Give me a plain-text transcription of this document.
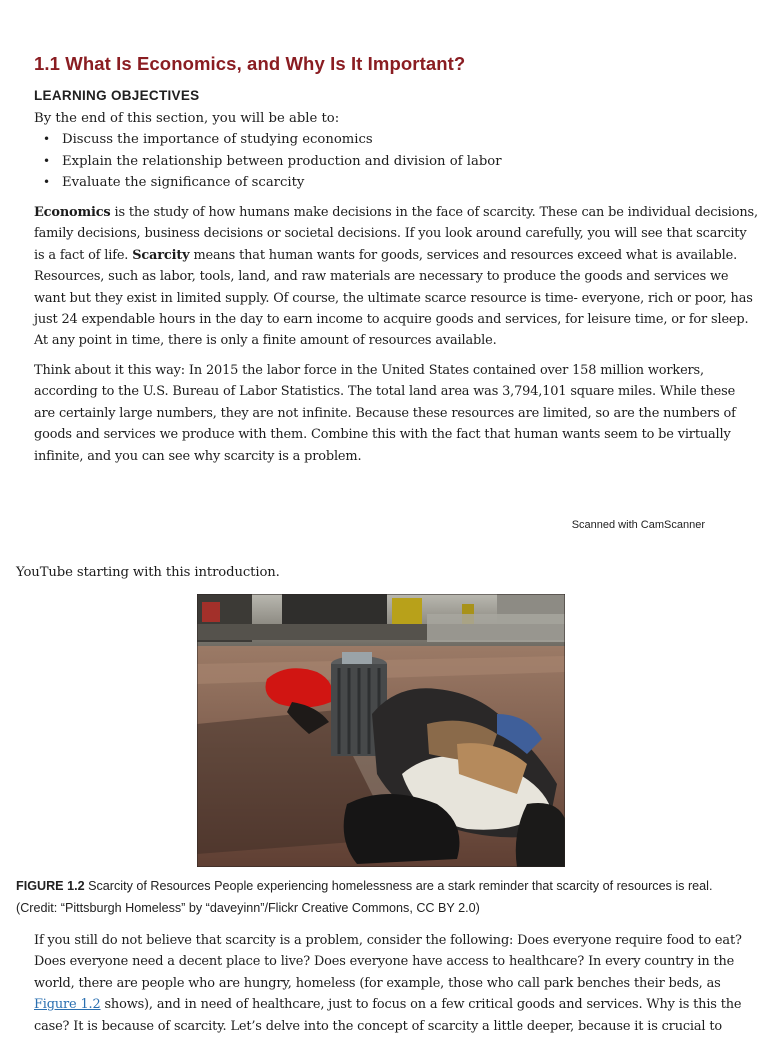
1.1 What Is Economics, and Why Is It Important?
LEARNING OBJECTIVES
By the end of this section, you will be able to:
• Discuss the importance of studying economics
• Explain the relationship between production and division of labor
• Evaluate the significance of scarcity

Economics is the study of how humans make decisions in the face of scarcity. These can be individual decisions, family decisions, business decisions or societal decisions. If you look around carefully, you will see that scarcity is a fact of life. Scarcity means that human wants for goods, services and resources exceed what is available. Resources, such as labor, tools, land, and raw materials are necessary to produce the goods and services we want but they exist in limited supply. Of course, the ultimate scarce resource is time- everyone, rich or poor, has just 24 expendable hours in the day to earn income to acquire goods and services, for leisure time, or for sleep. At any point in time, there is only a finite amount of resources available.

Think about it this way: In 2015 the labor force in the United States contained over 158 million workers, according to the U.S. Bureau of Labor Statistics. The total land area was 3,794,101 square miles. While these are certainly large numbers, they are not infinite. Because these resources are limited, so are the numbers of goods and services we produce with them. Combine this with the fact that human wants seem to be virtually infinite, and you can see why scarcity is a problem.

Scanned with CamScanner
YouTube starting with this introduction.

FIGURE 1.2 Scarcity of Resources People experiencing homelessness are a stark reminder that scarcity of resources is real. (Credit: “Pittsburgh Homeless” by “daveyinn”/Flickr Creative Commons, CC BY 2.0)

If you still do not believe that scarcity is a problem, consider the following: Does everyone require food to eat? Does everyone need a decent place to live? Does everyone have access to healthcare? In every country in the world, there are people who are hungry, homeless (for example, those who call park benches their beds, as Figure 1.2 shows), and in need of healthcare, just to focus on a few critical goods and services. Why is this the case? It is because of scarcity. Let’s delve into the concept of scarcity a little deeper, because it is crucial to
